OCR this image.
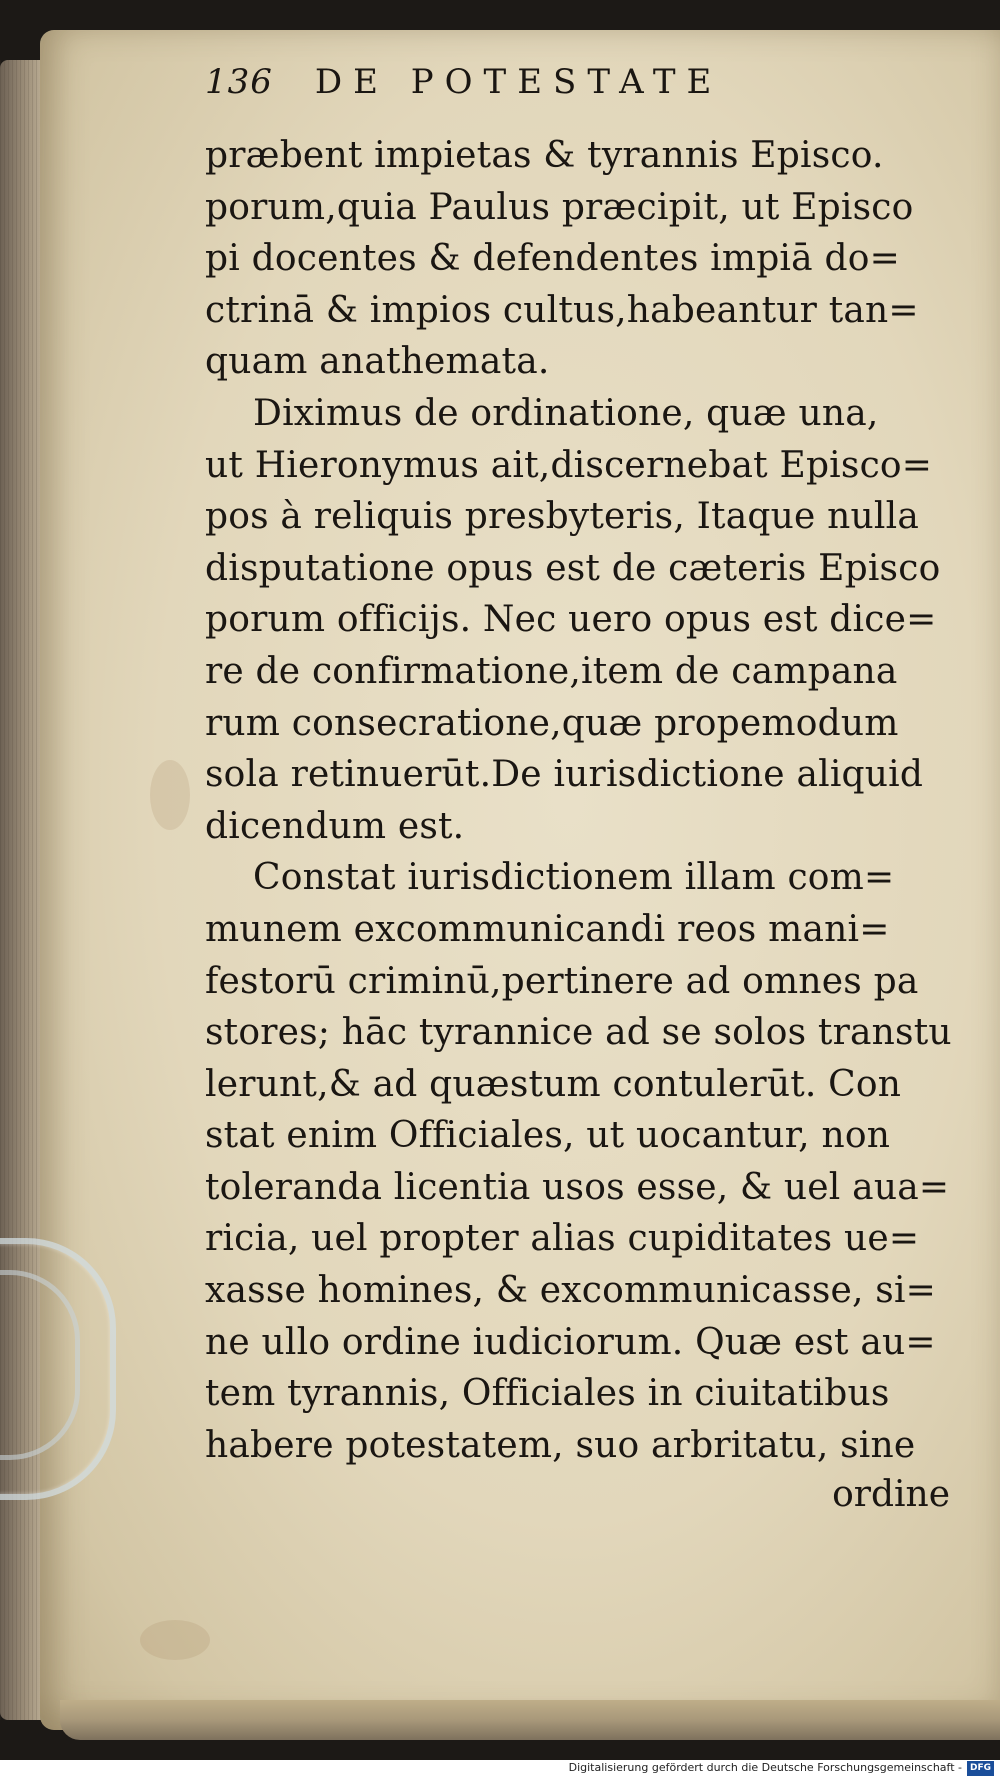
136 DE POTESTATE
præbent impietas & tyrannis Episco.
porum,quia Paulus præcipit, ut Episco
pi docentes & defendentes impiā do=
ctrinā & impios cultus,habeantur tan=
quam anathemata.
Diximus de ordinatione, quæ una,
ut Hieronymus ait,discernebat Episco=
pos à reliquis presbyteris, Itaque nulla
disputatione opus est de cæteris Episco
porum officijs. Nec uero opus est dice=
re de confirmatione,item de campana
rum consecratione,quæ propemodum
sola retinuerūt.De iurisdictione aliquid
dicendum est.
Constat iurisdictionem illam com=
munem excommunicandi reos mani=
festorū criminū,pertinere ad omnes pa
stores; hāc tyrannice ad se solos transtu
lerunt,& ad quæstum contulerūt. Con
stat enim Officiales, ut uocantur, non
toleranda licentia usos esse, & uel aua=
ricia, uel propter alias cupiditates ue=
xasse homines, & excommunicasse, si=
ne ullo ordine iudiciorum. Quæ est au=
tem tyrannis, Officiales in ciuitatibus
habere potestatem, suo arbritatu, sine
ordine
Digitalisierung gefördert durch die Deutsche Forschungsgemeinschaft - DFG
